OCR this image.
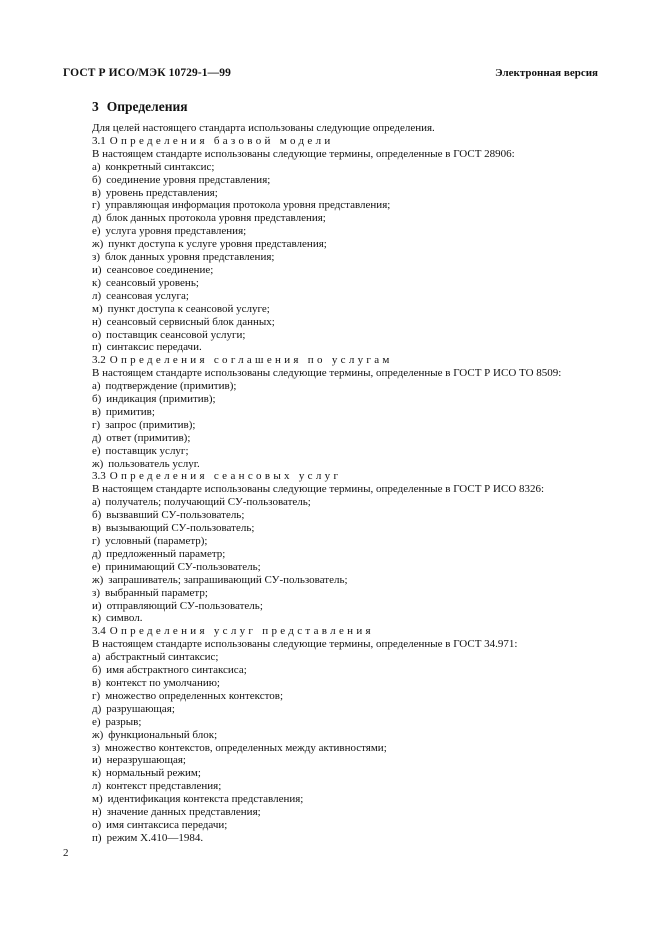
ГОСТ Р ИСО/МЭК 10729-1—99	Электронная версия
3 Определения
Для целей настоящего стандарта использованы следующие определения.
3.1 Определения базовой модели
В настоящем стандарте использованы следующие термины, определенные в ГОСТ 28906:
а) конкретный синтаксис;
б) соединение уровня представления;
в) уровень представления;
г) управляющая информация протокола уровня представления;
д) блок данных протокола уровня представления;
е) услуга уровня представления;
ж) пункт доступа к услуге уровня представления;
з) блок данных уровня представления;
и) сеансовое соединение;
к) сеансовый уровень;
л) сеансовая услуга;
м) пункт доступа к сеансовой услуге;
н) сеансовый сервисный блок данных;
о) поставщик сеансовой услуги;
п) синтаксис передачи.
3.2 Определения соглашения по услугам
В настоящем стандарте использованы следующие термины, определенные в ГОСТ Р ИСО ТО 8509:
а) подтверждение (примитив);
б) индикация (примитив);
в) примитив;
г) запрос (примитив);
д) ответ (примитив);
е) поставщик услуг;
ж) пользователь услуг.
3.3 Определения сеансовых услуг
В настоящем стандарте использованы следующие термины, определенные в ГОСТ Р ИСО 8326:
а) получатель; получающий СУ-пользователь;
б) вызвавший СУ-пользователь;
в) вызывающий СУ-пользователь;
г) условный (параметр);
д) предложенный параметр;
е) принимающий СУ-пользователь;
ж) запрашиватель; запрашивающий СУ-пользователь;
з) выбранный параметр;
и) отправляющий СУ-пользователь;
к) символ.
3.4 Определения услуг представления
В настоящем стандарте использованы следующие термины, определенные в ГОСТ 34.971:
а) абстрактный синтаксис;
б) имя абстрактного синтаксиса;
в) контекст по умолчанию;
г) множество определенных контекстов;
д) разрушающая;
е) разрыв;
ж) функциональный блок;
з) множество контекстов, определенных между активностями;
и) неразрушающая;
к) нормальный режим;
л) контекст представления;
м) идентификация контекста представления;
н) значение данных представления;
о) имя синтаксиса передачи;
п) режим Х.410—1984.
2
